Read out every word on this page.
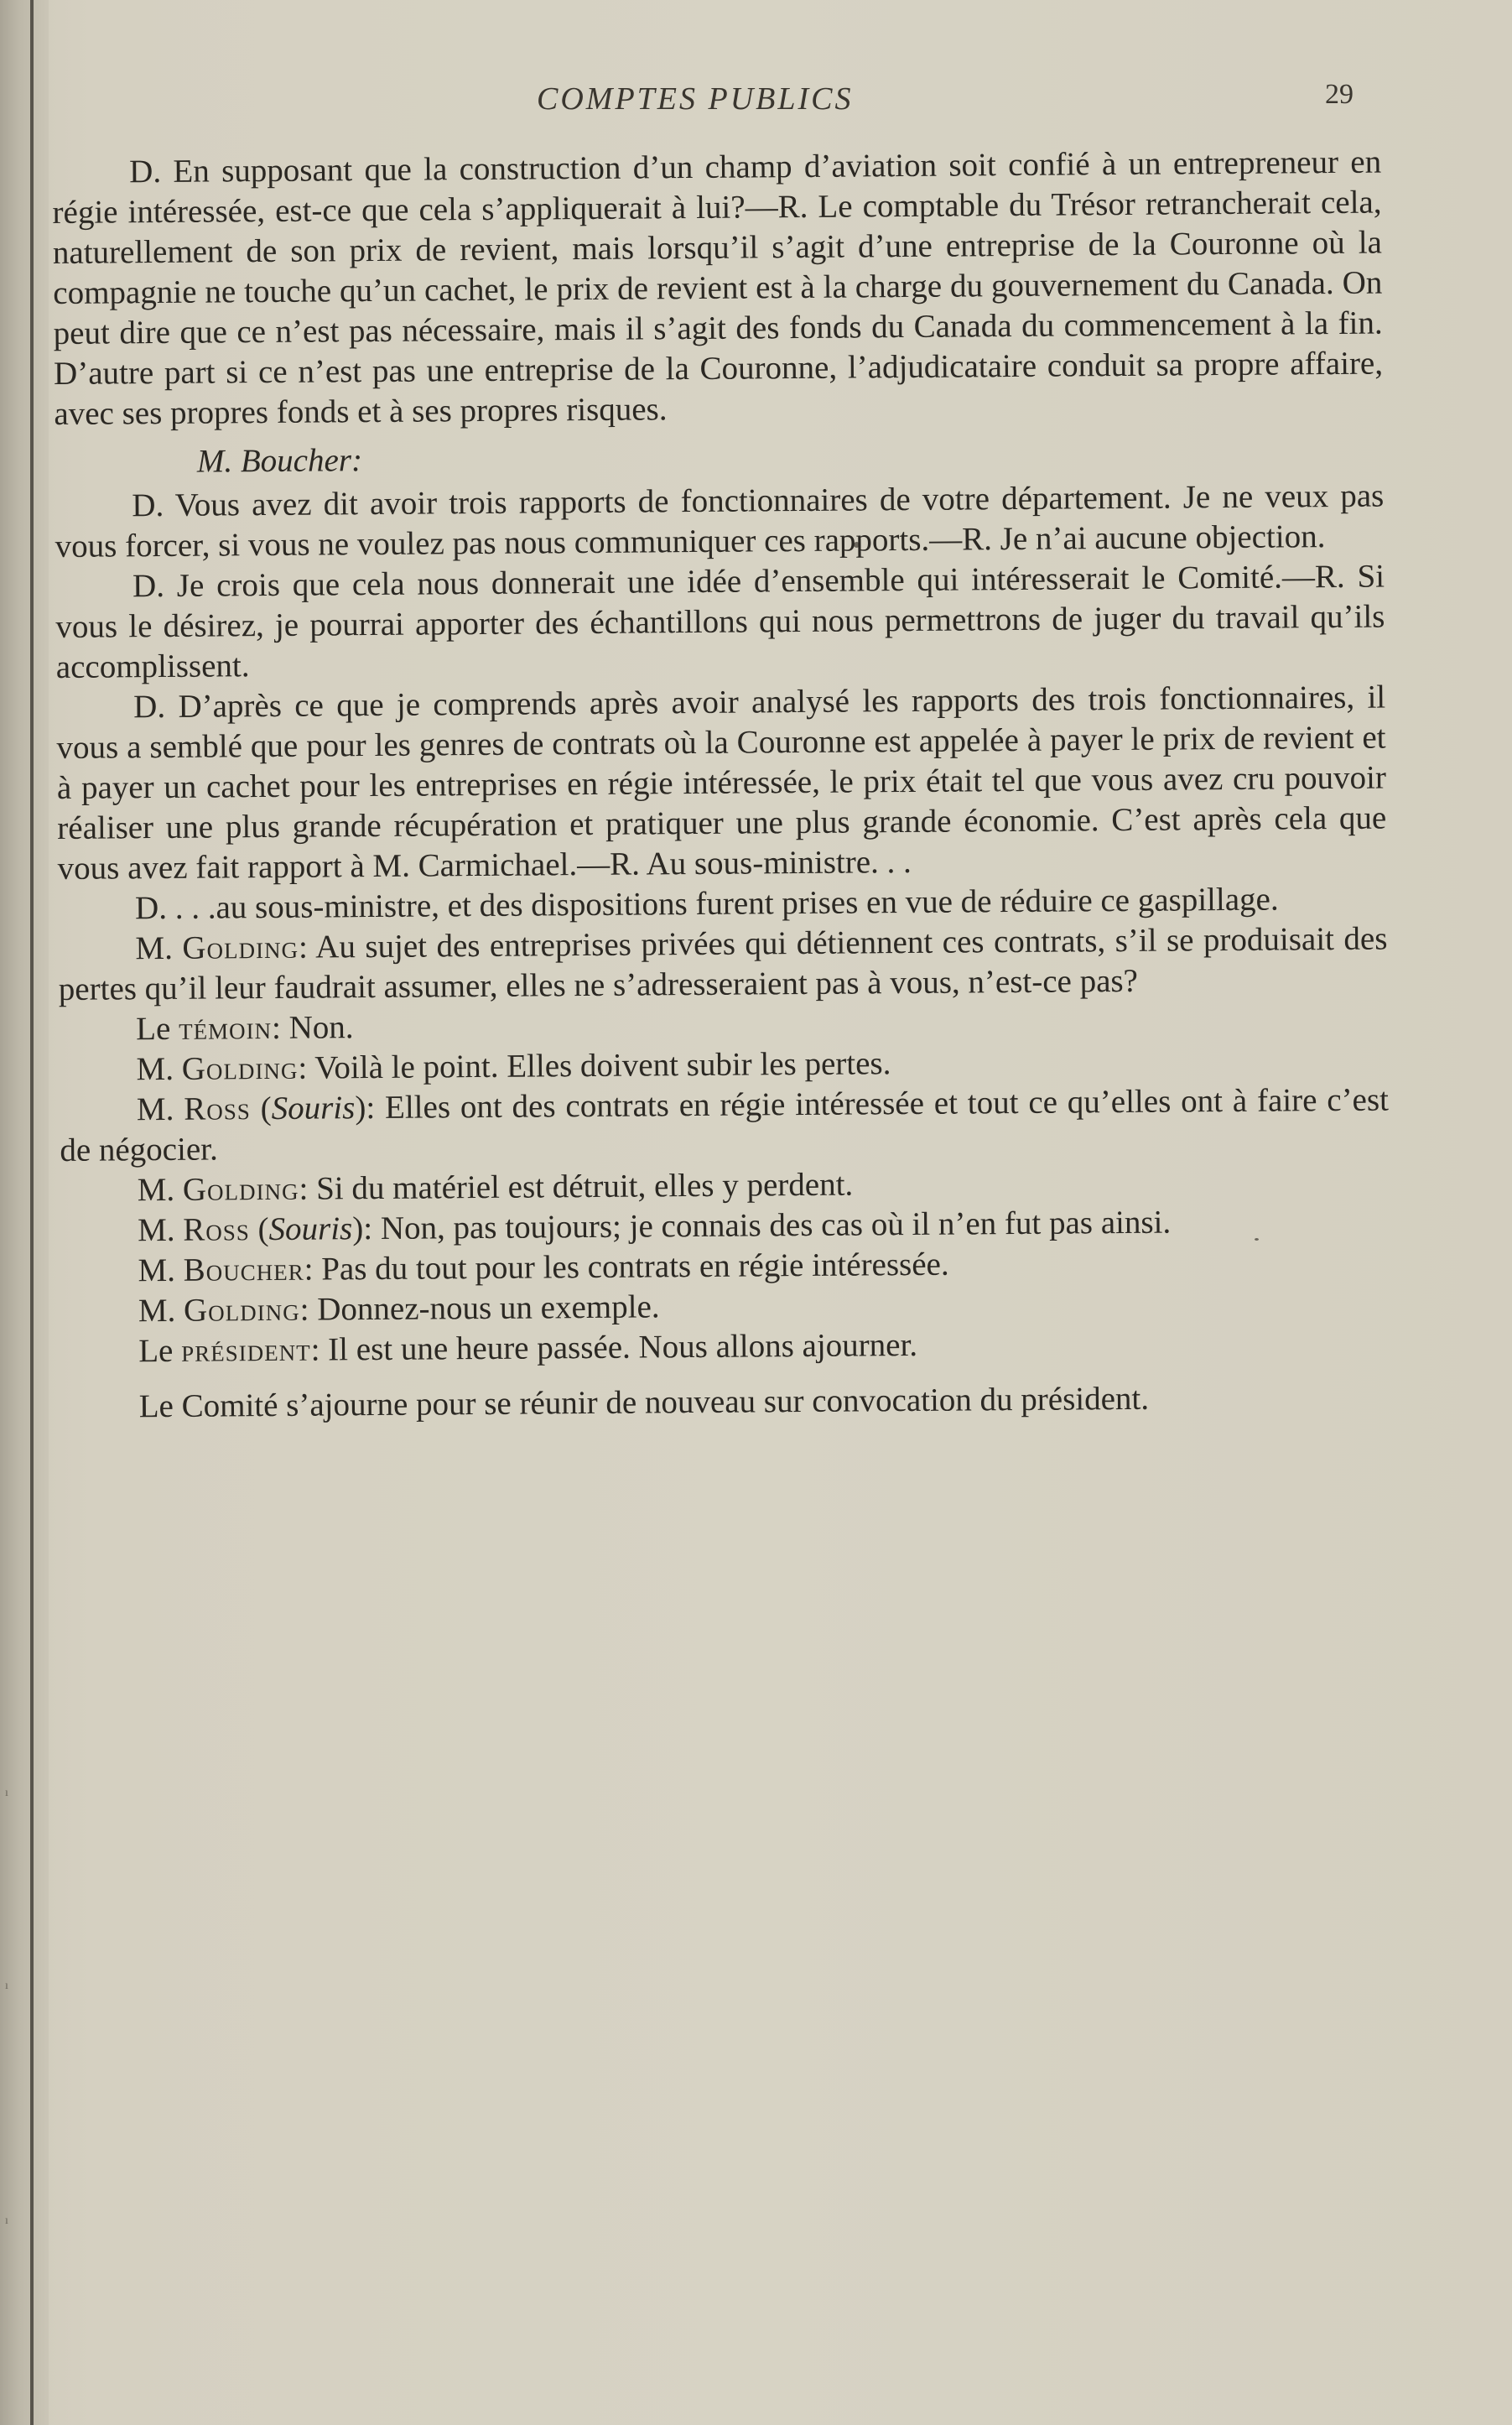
ı
ı
ı
COMPTES PUBLICS	29

D. En supposant que la construction d’un champ d’aviation soit confié à un entrepreneur en régie intéressée, est-ce que cela s’appliquerait à lui?—R. Le comptable du Trésor retrancherait cela, naturellement de son prix de revient, mais lorsqu’il s’agit d’une entreprise de la Couronne où la compagnie ne touche qu’un cachet, le prix de revient est à la charge du gouvernement du Canada. On peut dire que ce n’est pas nécessaire, mais il s’agit des fonds du Canada du commencement à la fin. D’autre part si ce n’est pas une entreprise de la Couronne, l’adjudicataire conduit sa propre affaire, avec ses propres fonds et à ses propres risques.

M. Boucher:

D. Vous avez dit avoir trois rapports de fonctionnaires de votre département. Je ne veux pas vous forcer, si vous ne voulez pas nous communiquer ces rapports.—R. Je n’ai aucune objection.

D. Je crois que cela nous donnerait une idée d’ensemble qui intéresserait le Comité.—R. Si vous le désirez, je pourrai apporter des échantillons qui nous permettrons de juger du travail qu’ils accomplissent.

D. D’après ce que je comprends après avoir analysé les rapports des trois fonctionnaires, il vous a semblé que pour les genres de contrats où la Couronne est appelée à payer le prix de revient et à payer un cachet pour les entreprises en régie intéressée, le prix était tel que vous avez cru pouvoir réaliser une plus grande récupération et pratiquer une plus grande économie. C’est après cela que vous avez fait rapport à M. Carmichael.—R. Au sous-ministre. . .

D. . . .au sous-ministre, et des dispositions furent prises en vue de réduire ce gaspillage.

M. Golding: Au sujet des entreprises privées qui détiennent ces contrats, s’il se produisait des pertes qu’il leur faudrait assumer, elles ne s’adresseraient pas à vous, n’est-ce pas?

Le témoin: Non.

M. Golding: Voilà le point. Elles doivent subir les pertes.

M. Ross (Souris): Elles ont des contrats en régie intéressée et tout ce qu’elles ont à faire c’est de négocier.

M. Golding: Si du matériel est détruit, elles y perdent.

M. Ross (Souris): Non, pas toujours; je connais des cas où il n’en fut pas ainsi.

M. Boucher: Pas du tout pour les contrats en régie intéressée.

M. Golding: Donnez-nous un exemple.

Le président: Il est une heure passée. Nous allons ajourner.

Le Comité s’ajourne pour se réunir de nouveau sur convocation du président.
